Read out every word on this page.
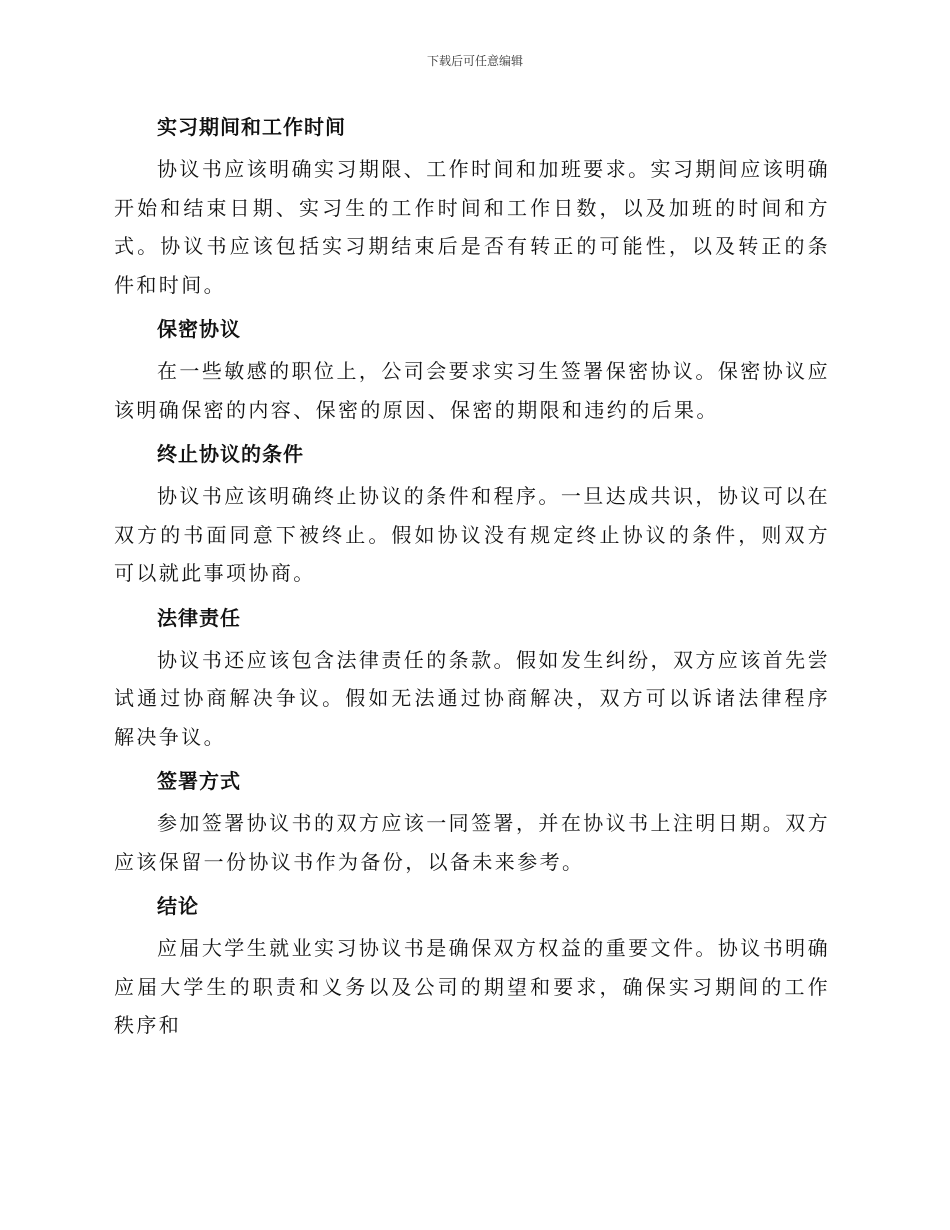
下载后可任意编辑
实习期间和工作时间

协议书应该明确实习期限、工作时间和加班要求。实习期间应该明确开始和结束日期、实习生的工作时间和工作日数，以及加班的时间和方式。协议书应该包括实习期结束后是否有转正的可能性，以及转正的条件和时间。

保密协议

在一些敏感的职位上，公司会要求实习生签署保密协议。保密协议应该明确保密的内容、保密的原因、保密的期限和违约的后果。

终止协议的条件

协议书应该明确终止协议的条件和程序。一旦达成共识，协议可以在双方的书面同意下被终止。假如协议没有规定终止协议的条件，则双方可以就此事项协商。

法律责任

协议书还应该包含法律责任的条款。假如发生纠纷，双方应该首先尝试通过协商解决争议。假如无法通过协商解决，双方可以诉诸法律程序解决争议。

签署方式

参加签署协议书的双方应该一同签署，并在协议书上注明日期。双方应该保留一份协议书作为备份，以备未来参考。

结论

应届大学生就业实习协议书是确保双方权益的重要文件。协议书明确应届大学生的职责和义务以及公司的期望和要求，确保实习期间的工作秩序和
